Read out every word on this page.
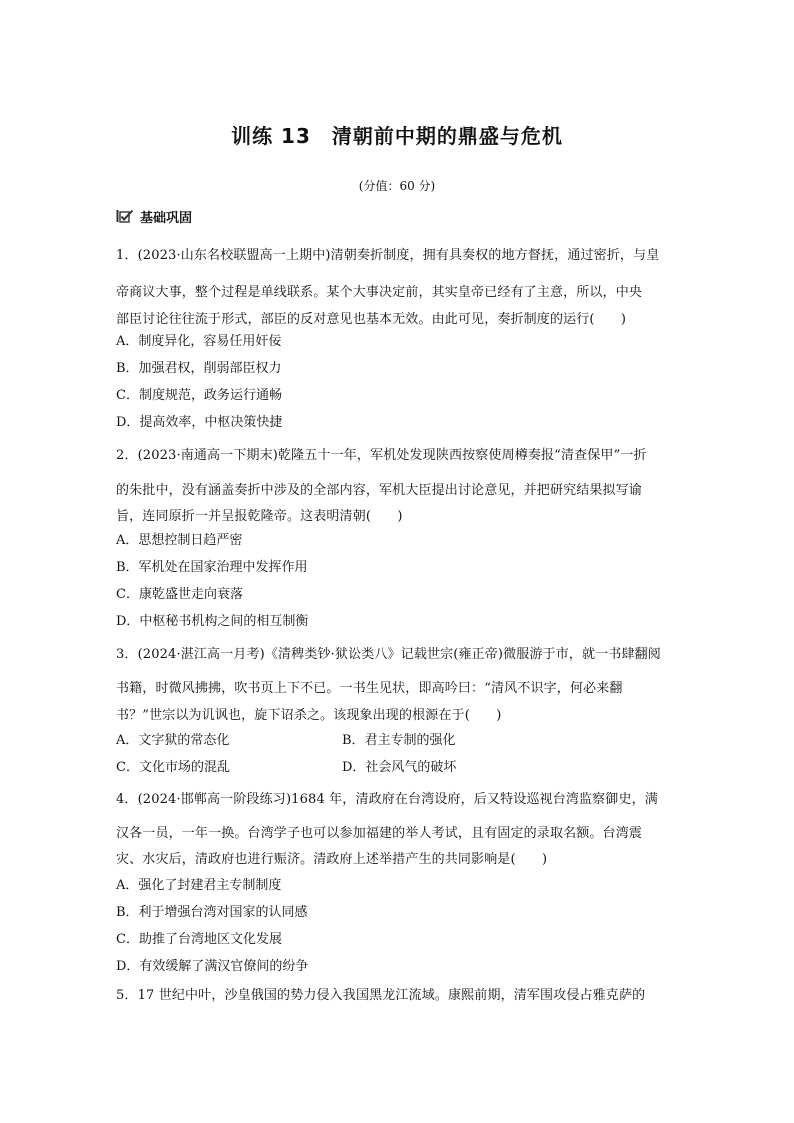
训练 13　清朝前中期的鼎盛与危机
(分值：60 分)
基础巩固
1．(2023·山东名校联盟高一上期中)清朝奏折制度，拥有具奏权的地方督抚，通过密折，与皇
帝商议大事，整个过程是单线联系。某个大事决定前，其实皇帝已经有了主意，所以，中央
部臣讨论往往流于形式，部臣的反对意见也基本无效。由此可见，奏折制度的运行(　　)
A．制度异化，容易任用奸佞
B．加强君权，削弱部臣权力
C．制度规范，政务运行通畅
D．提高效率，中枢决策快捷
2．(2023·南通高一下期末)乾隆五十一年，军机处发现陕西按察使周樽奏报“清查保甲”一折
的朱批中，没有涵盖奏折中涉及的全部内容，军机大臣提出讨论意见，并把研究结果拟写谕
旨，连同原折一并呈报乾隆帝。这表明清朝(　　)
A．思想控制日趋严密
B．军机处在国家治理中发挥作用
C．康乾盛世走向衰落
D．中枢秘书机构之间的相互制衡
3．(2024·湛江高一月考)《清稗类钞·狱讼类八》记载世宗(雍正帝)微服游于市，就一书肆翻阅
书籍，时微风拂拂，吹书页上下不已。一书生见状，即高吟曰：“清风不识字，何必来翻
书？”世宗以为讥讽也，旋下诏杀之。该现象出现的根源在于(　　)
A．文字狱的常态化	B．君主专制的强化
C．文化市场的混乱	D．社会风气的破坏
4．(2024·邯郸高一阶段练习)1684 年，清政府在台湾设府，后又特设巡视台湾监察御史，满
汉各一员，一年一换。台湾学子也可以参加福建的举人考试，且有固定的录取名额。台湾震
灾、水灾后，清政府也进行赈济。清政府上述举措产生的共同影响是(　　)
A．强化了封建君主专制制度
B．利于增强台湾对国家的认同感
C．助推了台湾地区文化发展
D．有效缓解了满汉官僚间的纷争
5．17 世纪中叶，沙皇俄国的势力侵入我国黑龙江流域。康熙前期，清军围攻侵占雅克萨的
